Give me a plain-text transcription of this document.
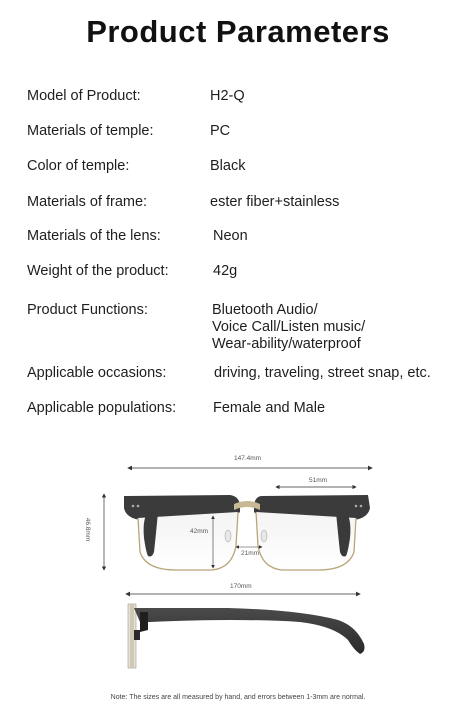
Product Parameters
Model of Product:	H2-Q
Materials of temple:	PC
Color of temple:	Black
Materials of frame:	ester fiber+stainless
Materials of the lens:	Neon
Weight of the product:	42g
Product Functions:	Bluetooth Audio/
Voice Call/Listen music/
Wear-ability/waterproof
Applicable occasions:	driving, traveling, street snap, etc.
Applicable populations:	Female and Male
147.4mm
51mm
42mm
21mm
46.8mm
170mm
Note: The sizes are all measured by hand, and errors between 1-3mm are normal.
